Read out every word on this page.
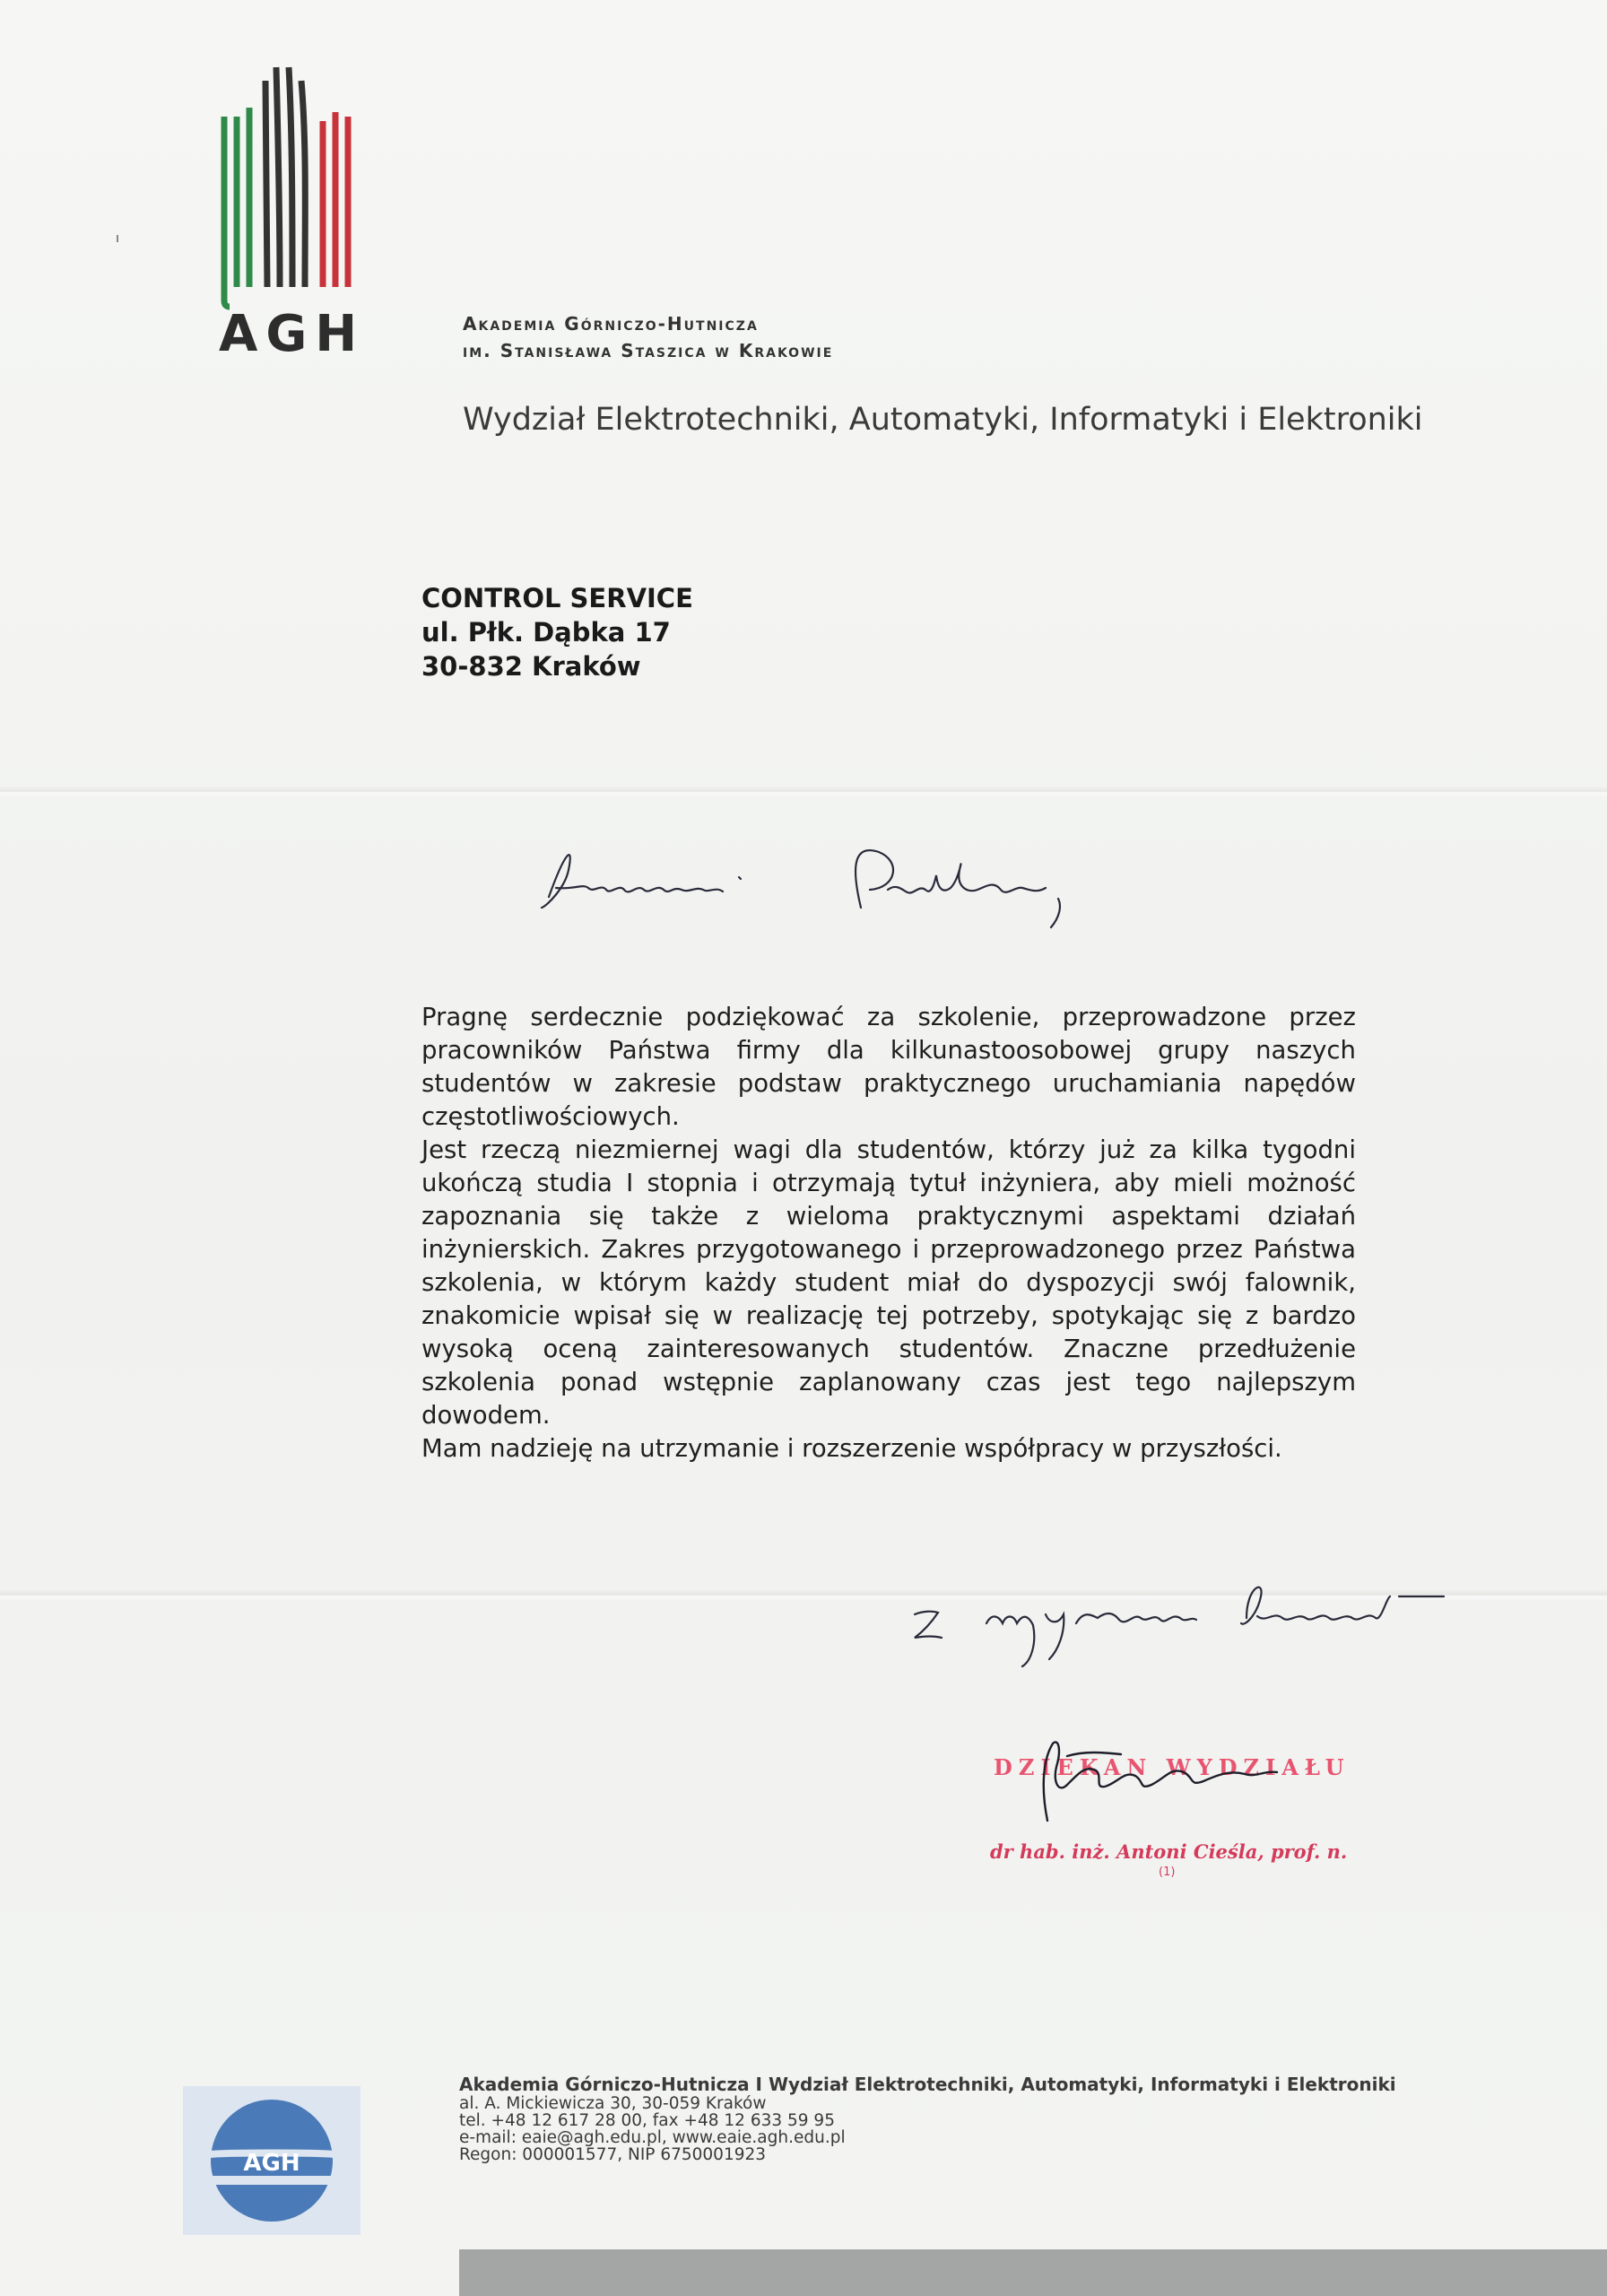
AGH	Akademia Górniczo-Hutnicza
im. Stanisława Staszica w Krakowie
Wydział Elektrotechniki, Automatyki, Informatyki i Elektroniki
CONTROL SERVICE
ul. Płk. Dąbka 17
30-832 Kraków

Pragnę serdecznie podziękować za szkolenie, przeprowadzone przez pracowników Państwa firmy dla kilkunastoosobowej grupy naszych studentów w zakresie podstaw praktycznego uruchamiania napędów częstotliwościowych.

Jest rzeczą niezmiernej wagi dla studentów, którzy już za kilka tygodni ukończą studia I stopnia i otrzymają tytuł inżyniera, aby mieli możność zapoznania się także z wieloma praktycznymi aspektami działań inżynierskich. Zakres przygotowanego i przeprowadzonego przez Państwa szkolenia, w którym każdy student miał do dyspozycji swój falownik, znakomicie wpisał się w realizację tej potrzeby, spotykając się z bardzo wysoką oceną zainteresowanych studentów. Znaczne przedłużenie szkolenia ponad wstępnie zaplanowany czas jest tego najlepszym dowodem.

Mam nadzieję na utrzymanie i rozszerzenie współpracy w przyszłości.

DZIEKAN WYDZIAŁU
dr hab. inż. Antoni Cieśla, prof. n.
(1)
AGH
Akademia Górniczo-Hutnicza I Wydział Elektrotechniki, Automatyki, Informatyki i Elektroniki
al. A. Mickiewicza 30, 30-059 Kraków
tel. +48 12 617 28 00, fax +48 12 633 59 95
e-mail: eaie@agh.edu.pl, www.eaie.agh.edu.pl
Regon: 000001577, NIP 6750001923
